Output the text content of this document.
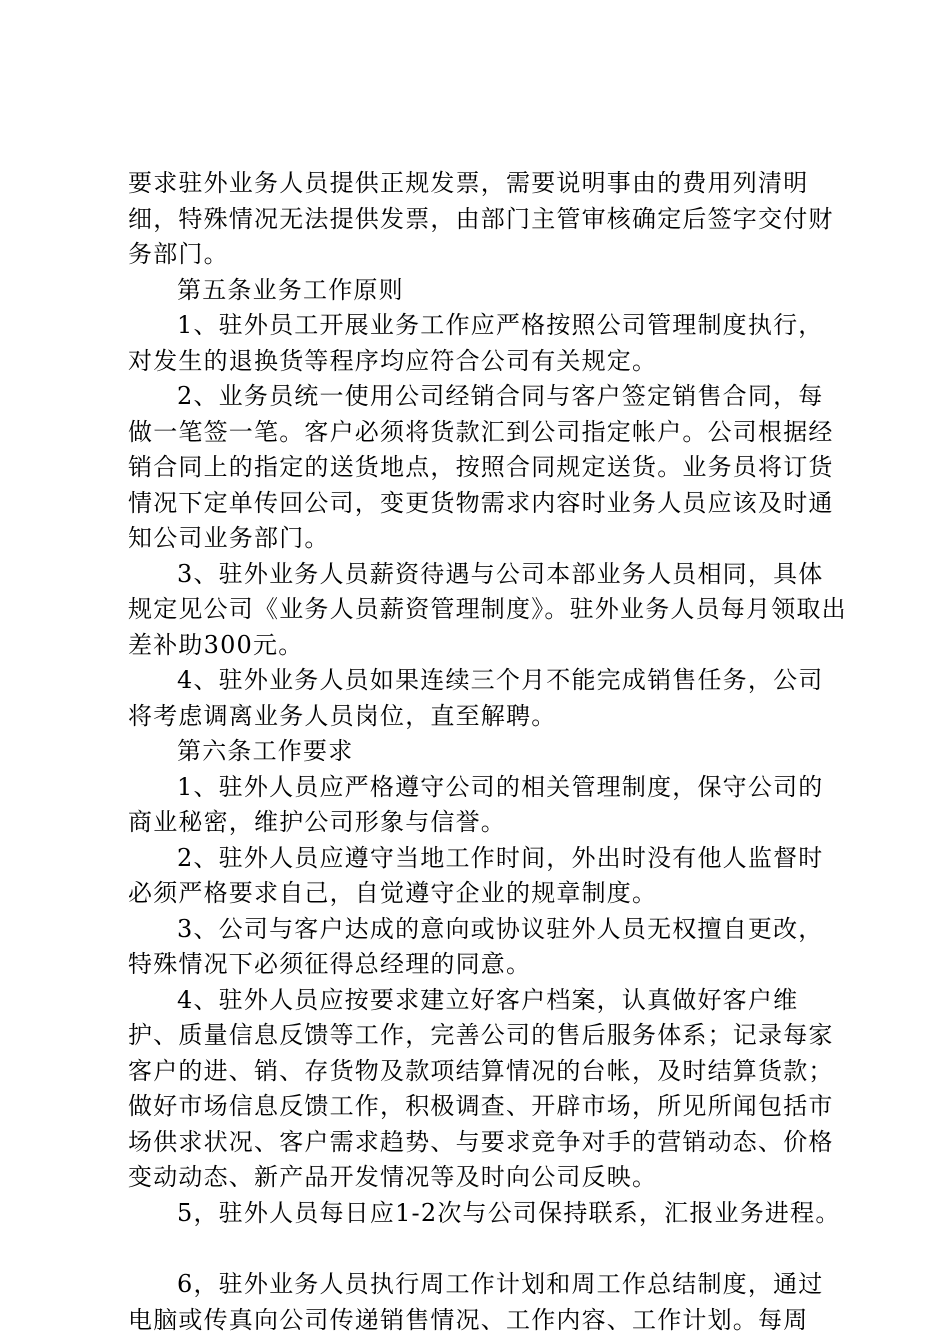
要求驻外业务人员提供正规发票，需要说明事由的费用列清明细，特殊情况无法提供发票，由部门主管审核确定后签字交付财务部门。

第五条业务工作原则

1、驻外员工开展业务工作应严格按照公司管理制度执行，对发生的退换货等程序均应符合公司有关规定。

2、业务员统一使用公司经销合同与客户签定销售合同，每做一笔签一笔。客户必须将货款汇到公司指定帐户。公司根据经销合同上的指定的送货地点，按照合同规定送货。业务员将订货情况下定单传回公司，变更货物需求内容时业务人员应该及时通知公司业务部门。

3、驻外业务人员薪资待遇与公司本部业务人员相同，具体规定见公司《业务人员薪资管理制度》。驻外业务人员每月领取出差补助300元。

4、驻外业务人员如果连续三个月不能完成销售任务，公司将考虑调离业务人员岗位，直至解聘。

第六条工作要求

1、驻外人员应严格遵守公司的相关管理制度，保守公司的商业秘密，维护公司形象与信誉。

2、驻外人员应遵守当地工作时间，外出时没有他人监督时必须严格要求自己，自觉遵守企业的规章制度。

3、公司与客户达成的意向或协议驻外人员无权擅自更改，特殊情况下必须征得总经理的同意。

4、驻外人员应按要求建立好客户档案，认真做好客户维护、质量信息反馈等工作，完善公司的售后服务体系；记录每家客户的进、销、存货物及款项结算情况的台帐，及时结算货款；做好市场信息反馈工作，积极调查、开辟市场，所见所闻包括市场供求状况、客户需求趋势、与要求竞争对手的营销动态、价格变动动态、新产品开发情况等及时向公司反映。

5，驻外人员每日应1-2次与公司保持联系，汇报业务进程。

6，驻外业务人员执行周工作计划和周工作总结制度，通过电脑或传真向公司传递销售情况、工作内容、工作计划。每周
